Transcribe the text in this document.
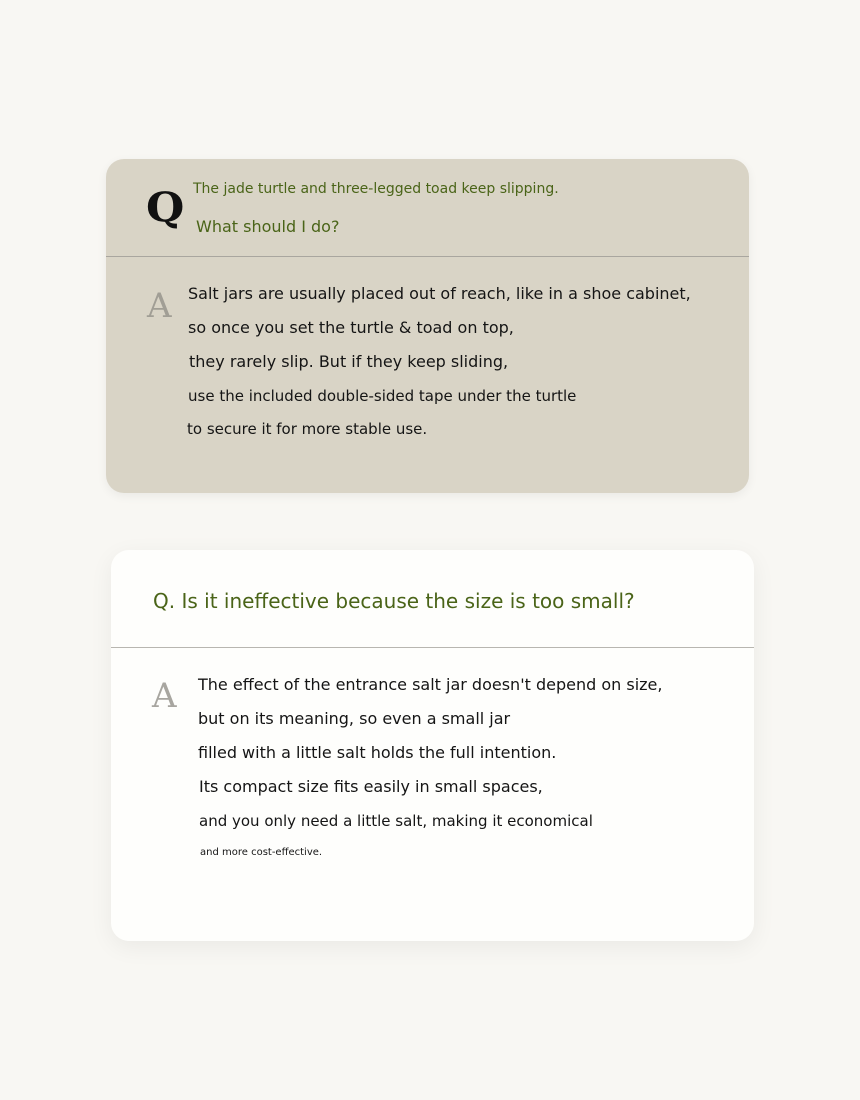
Q The jade turtle and three-legged toad keep slipping.
What should I do?
A Salt jars are usually placed out of reach, like in a shoe cabinet,
so once you set the turtle & toad on top,
they rarely slip. But if they keep sliding,
use the included double-sided tape under the turtle
to secure it for more stable use.
Q. Is it ineffective because the size is too small?
A The effect of the entrance salt jar doesn't depend on size,
but on its meaning, so even a small jar
filled with a little salt holds the full intention.
Its compact size fits easily in small spaces,
and you only need a little salt, making it economical
and more cost-effective.
